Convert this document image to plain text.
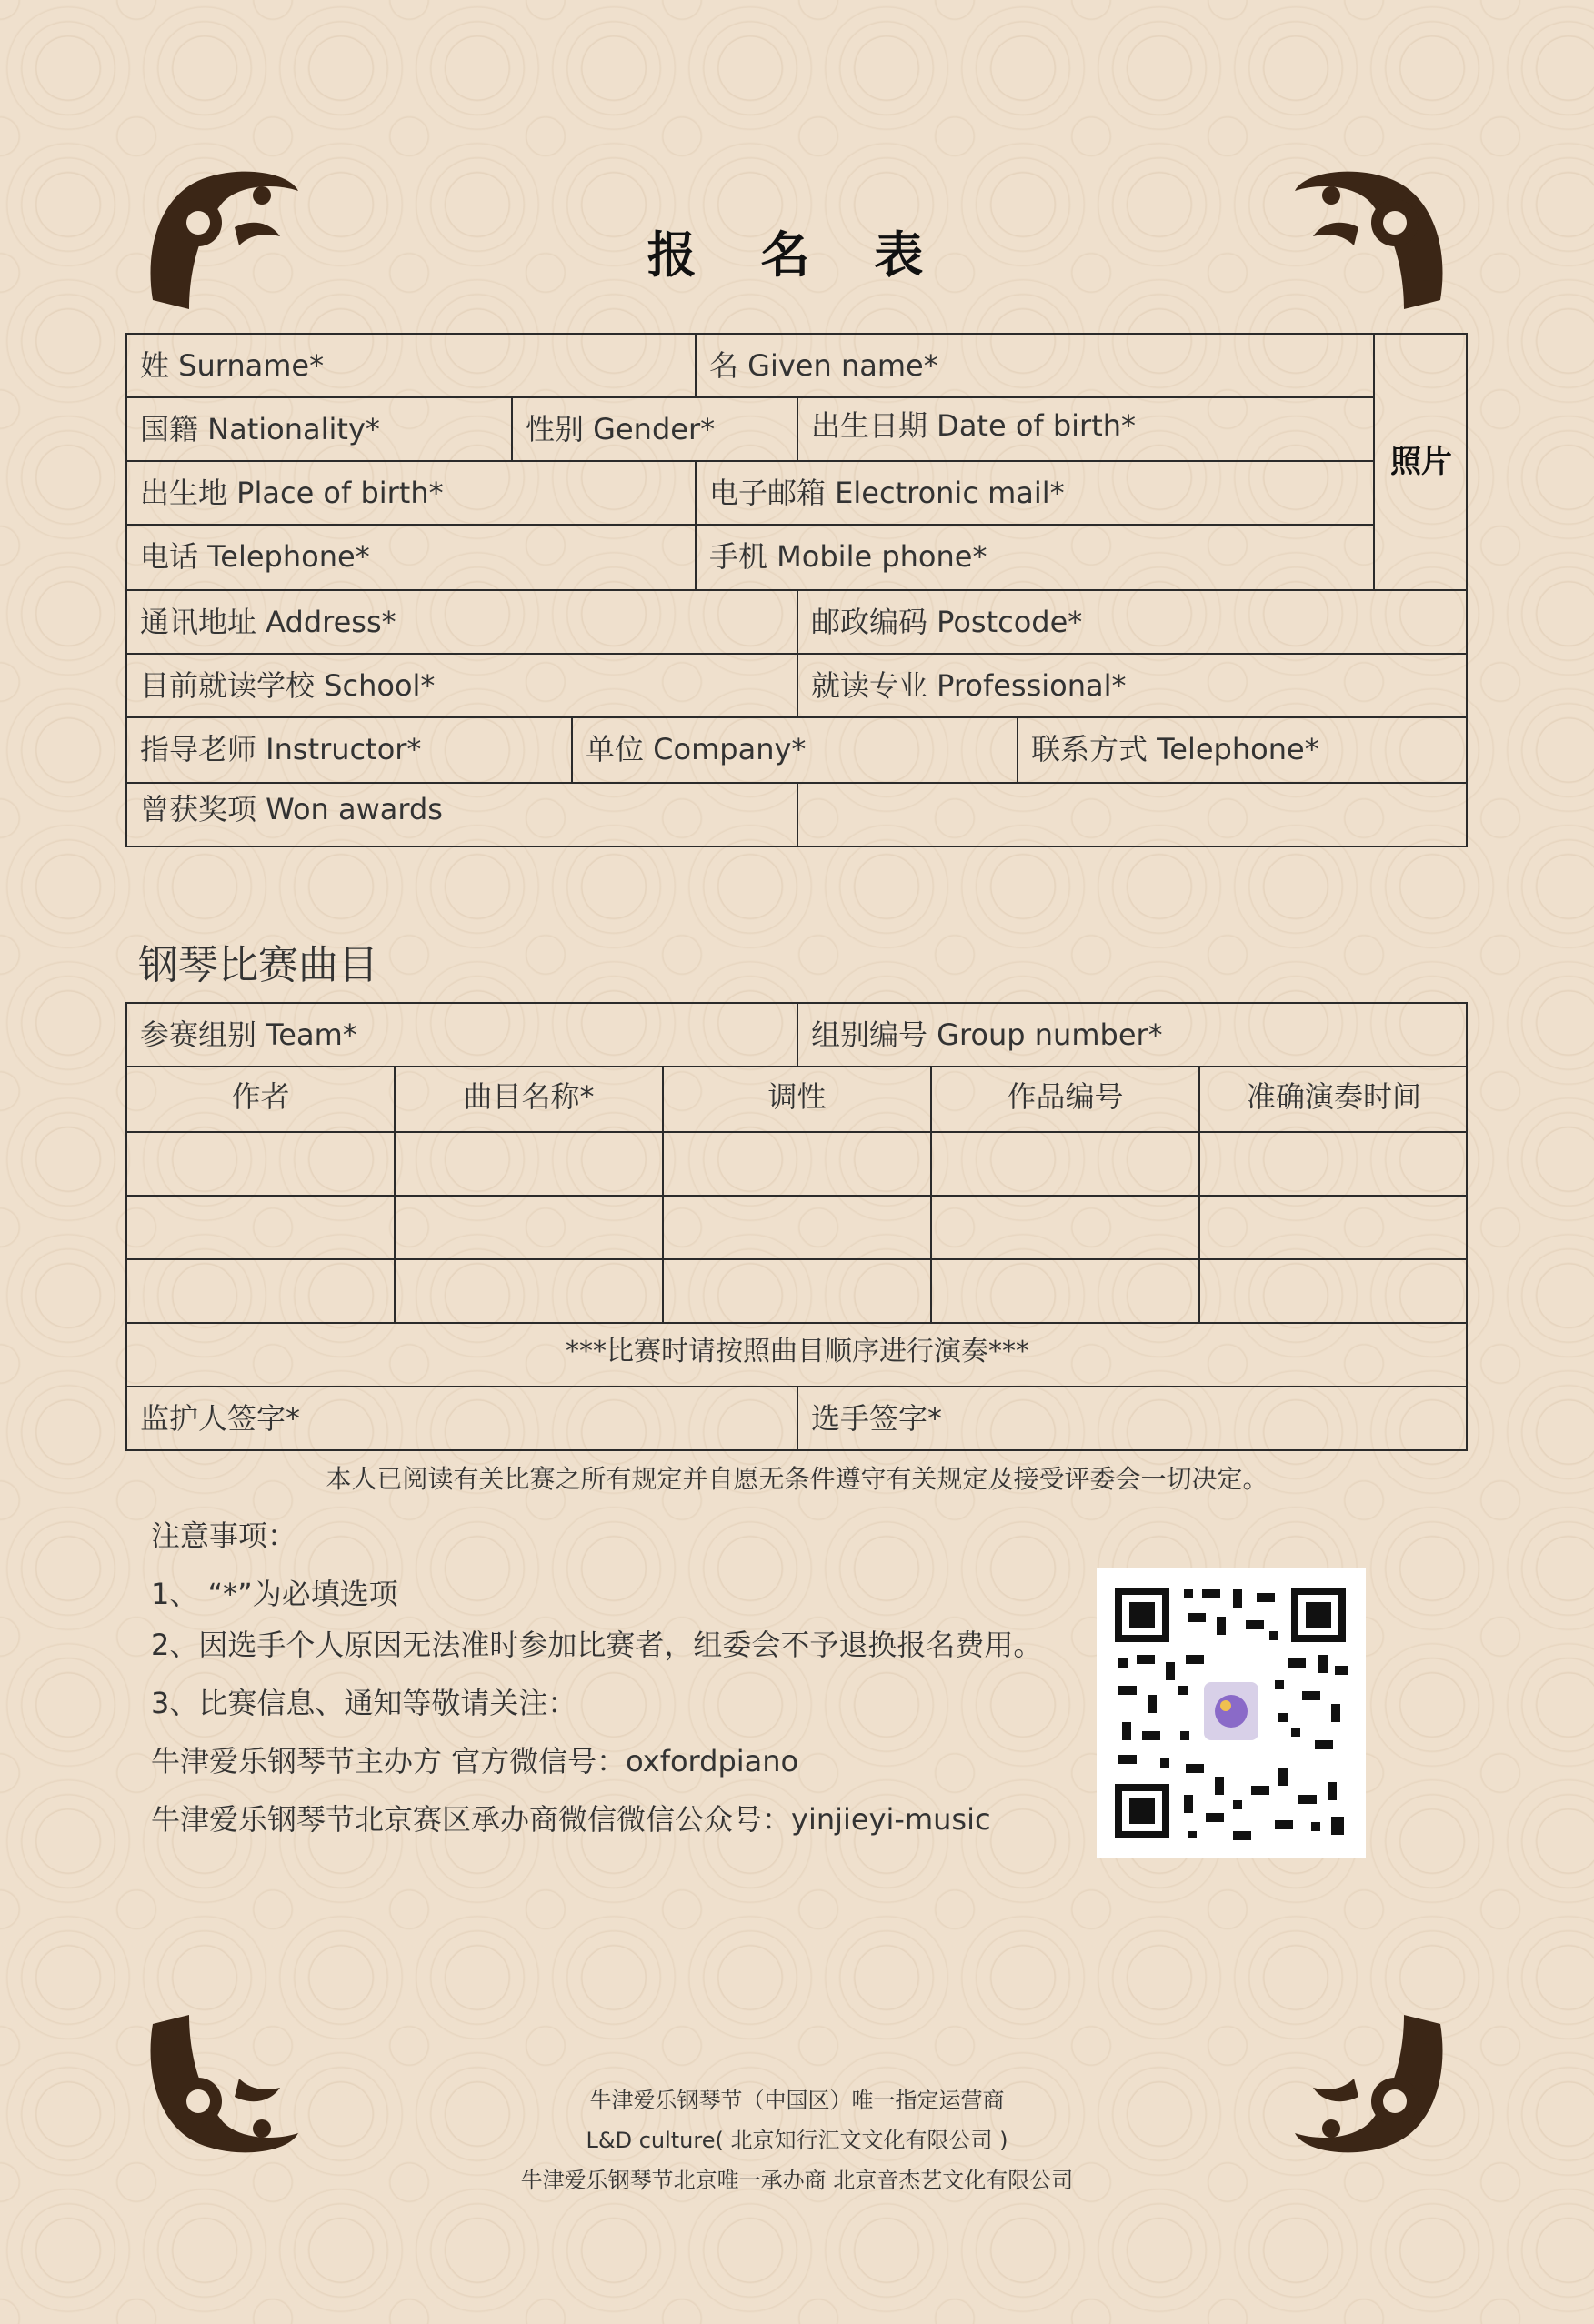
报 名 表
姓 Surname*	名 Given name*
照片
国籍 Nationality*	性别 Gender*	出生日期 Date of birth*
出生地 Place of birth*	电子邮箱 Electronic mail*
电话 Telephone*	手机 Mobile phone*
通讯地址 Address*	邮政编码 Postcode*
目前就读学校 School*	就读专业 Professional*
指导老师 Instructor*	单位 Company*	联系方式 Telephone*
曾获奖项 Won awards
钢琴比赛曲目
参赛组别 Team*	组别编号 Group number*
作者	曲目名称*	调性	作品编号	准确演奏时间
***比赛时请按照曲目顺序进行演奏***
监护人签字*	选手签字*
本人已阅读有关比赛之所有规定并自愿无条件遵守有关规定及接受评委会一切决定。
注意事项：
1、 “*”为必填选项
2、因选手个人原因无法准时参加比赛者，组委会不予退换报名费用。
3、比赛信息、通知等敬请关注：
牛津爱乐钢琴节主办方 官方微信号：oxfordpiano
牛津爱乐钢琴节北京赛区承办商微信微信公众号：yinjieyi-music
牛津爱乐钢琴节（中国区）唯一指定运营商
L&D culture( 北京知行汇文文化有限公司 )
牛津爱乐钢琴节北京唯一承办商 北京音杰艺文化有限公司
